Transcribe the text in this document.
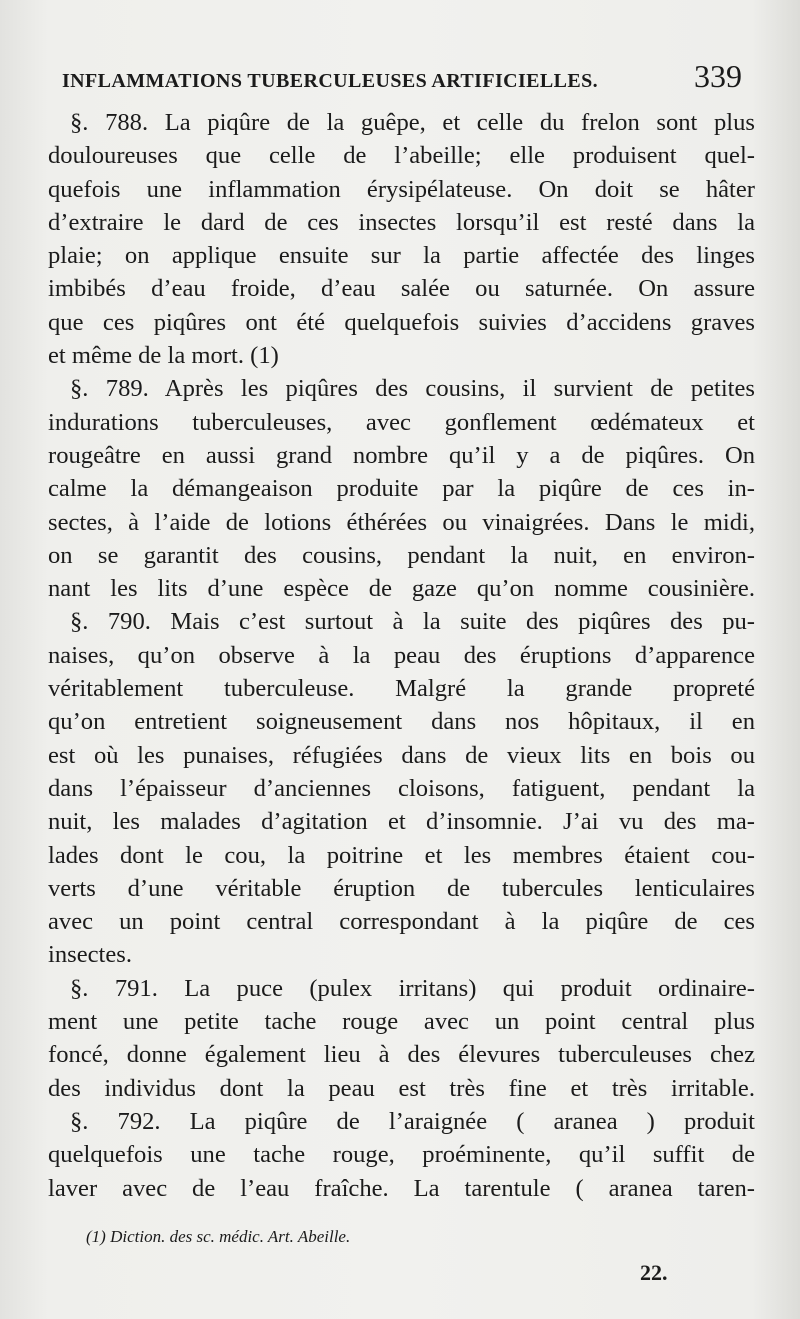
INFLAMMATIONS TUBERCULEUSES ARTIFICIELLES.	339
§. 788. La piqûre de la guêpe, et celle du frelon sont plus
douloureuses que celle de l’abeille; elle produisent quel-
quefois une inflammation érysipélateuse. On doit se hâter
d’extraire le dard de ces insectes lorsqu’il est resté dans la
plaie; on applique ensuite sur la partie affectée des linges
imbibés d’eau froide, d’eau salée ou saturnée. On assure
que ces piqûres ont été quelquefois suivies d’accidens graves
et même de la mort. (1)
§. 789. Après les piqûres des cousins, il survient de petites
indurations tuberculeuses, avec gonflement œdémateux et
rougeâtre en aussi grand nombre qu’il y a de piqûres. On
calme la démangeaison produite par la piqûre de ces in-
sectes, à l’aide de lotions éthérées ou vinaigrées. Dans le midi,
on se garantit des cousins, pendant la nuit, en environ-
nant les lits d’une espèce de gaze qu’on nomme cousinière.
§. 790. Mais c’est surtout à la suite des piqûres des pu-
naises, qu’on observe à la peau des éruptions d’apparence
véritablement tuberculeuse. Malgré la grande propreté
qu’on entretient soigneusement dans nos hôpitaux, il en
est où les punaises, réfugiées dans de vieux lits en bois ou
dans l’épaisseur d’anciennes cloisons, fatiguent, pendant la
nuit, les malades d’agitation et d’insomnie. J’ai vu des ma-
lades dont le cou, la poitrine et les membres étaient cou-
verts d’une véritable éruption de tubercules lenticulaires
avec un point central correspondant à la piqûre de ces
insectes.
§. 791. La puce (pulex irritans) qui produit ordinaire-
ment une petite tache rouge avec un point central plus
foncé, donne également lieu à des élevures tuberculeuses chez
des individus dont la peau est très fine et très irritable.
§. 792. La piqûre de l’araignée ( aranea ) produit
quelquefois une tache rouge, proéminente, qu’il suffit de
laver avec de l’eau fraîche. La tarentule ( aranea taren-
(1) Diction. des sc. médic. Art. Abeille.
22.
